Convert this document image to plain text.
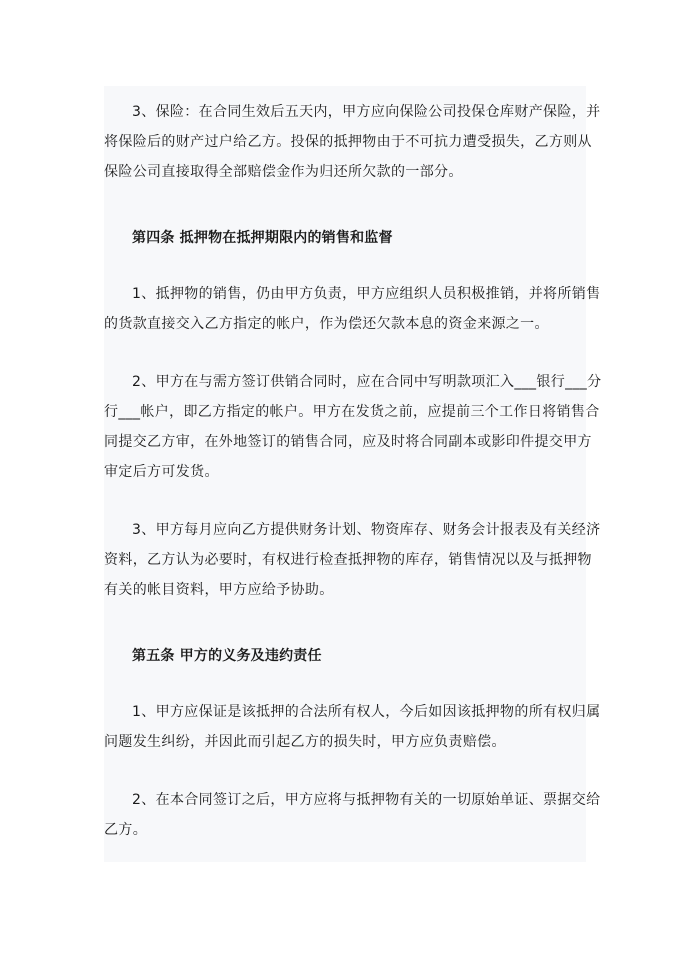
3、保险：在合同生效后五天内，甲方应向保险公司投保仓库财产保险，并
将保险后的财产过户给乙方。投保的抵押物由于不可抗力遭受损失，乙方则从
保险公司直接取得全部赔偿金作为归还所欠款的一部分。

第四条 抵押物在抵押期限内的销售和监督

1、抵押物的销售，仍由甲方负责，甲方应组织人员积极推销，并将所销售
的货款直接交入乙方指定的帐户，作为偿还欠款本息的资金来源之一。

2、甲方在与需方签订供销合同时，应在合同中写明款项汇入___银行___分
行___帐户，即乙方指定的帐户。甲方在发货之前，应提前三个工作日将销售合
同提交乙方审，在外地签订的销售合同，应及时将合同副本或影印件提交甲方
审定后方可发货。

3、甲方每月应向乙方提供财务计划、物资库存、财务会计报表及有关经济
资料，乙方认为必要时，有权进行检查抵押物的库存，销售情况以及与抵押物
有关的帐目资料，甲方应给予协助。

第五条 甲方的义务及违约责任

1、甲方应保证是该抵押的合法所有权人，今后如因该抵押物的所有权归属
问题发生纠纷，并因此而引起乙方的损失时，甲方应负责赔偿。

2、在本合同签订之后，甲方应将与抵押物有关的一切原始单证、票据交给
乙方。
